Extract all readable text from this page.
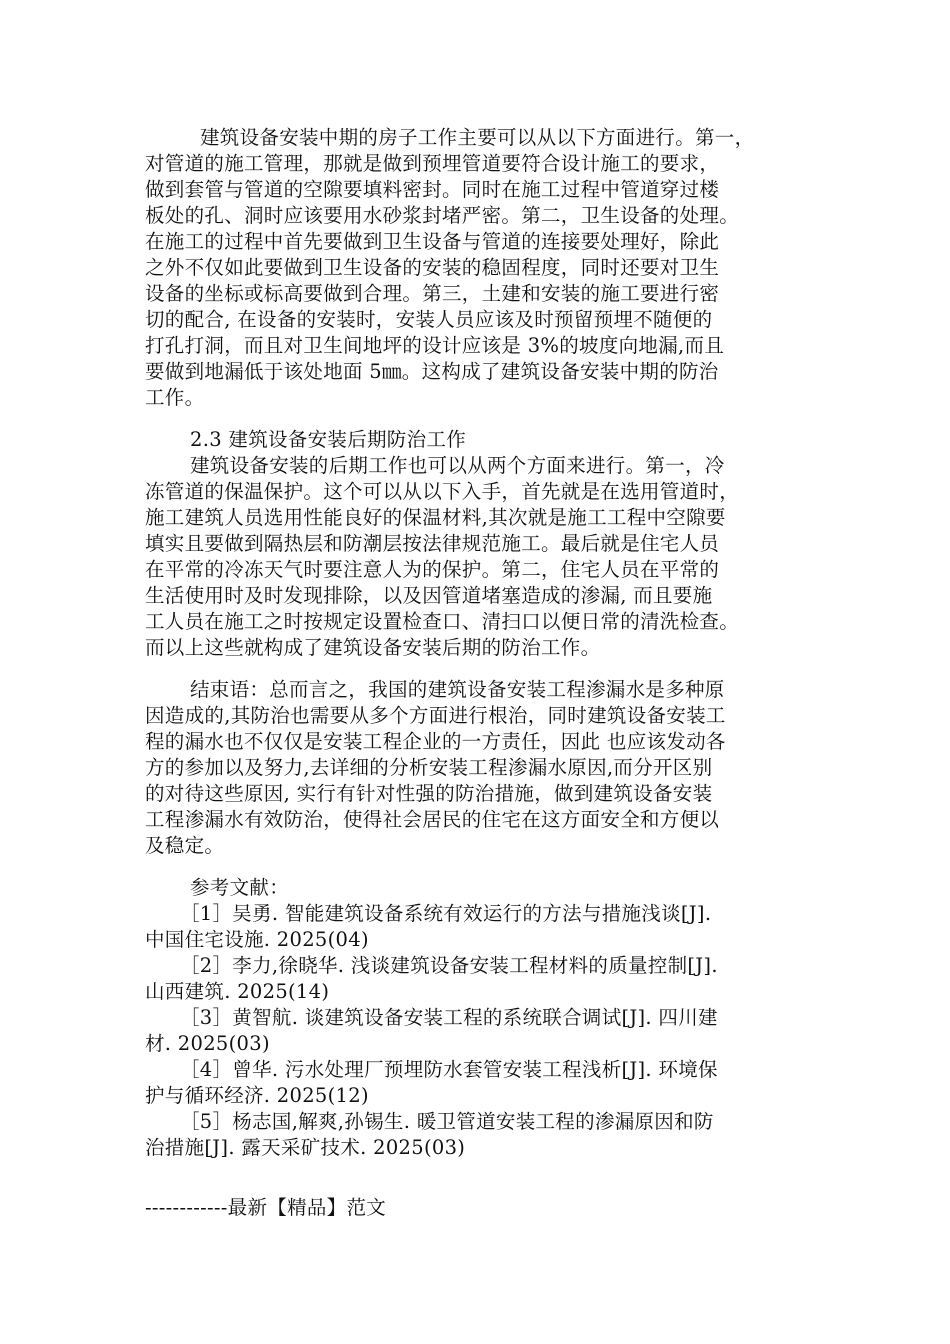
建筑设备安装中期的房子工作主要可以从以下方面进行。第一，
对管道的施工管理，那就是做到预埋管道要符合设计施工的要求，
做到套管与管道的空隙要填料密封。同时在施工过程中管道穿过楼
板处的孔、洞时应该要用水砂浆封堵严密。第二，卫生设备的处理。
在施工的过程中首先要做到卫生设备与管道的连接要处理好，除此
之外不仅如此要做到卫生设备的安装的稳固程度，同时还要对卫生
设备的坐标或标高要做到合理。第三，土建和安装的施工要进行密
切的配合, 在设备的安装时，安装人员应该及时预留预埋不随便的
打孔打洞，而且对卫生间地坪的设计应该是 3%的坡度向地漏,而且
要做到地漏低于该处地面 5㎜。这构成了建筑设备安装中期的防治
工作。
2.3 建筑设备安装后期防治工作
建筑设备安装的后期工作也可以从两个方面来进行。第一，冷
冻管道的保温保护。这个可以从以下入手，首先就是在选用管道时，
施工建筑人员选用性能良好的保温材料,其次就是施工工程中空隙要
填实且要做到隔热层和防潮层按法律规范施工。最后就是住宅人员
在平常的冷冻天气时要注意人为的保护。第二，住宅人员在平常的
生活使用时及时发现排除，以及因管道堵塞造成的渗漏, 而且要施
工人员在施工之时按规定设置检查口、清扫口以便日常的清洗检查。
而以上这些就构成了建筑设备安装后期的防治工作。
结束语：总而言之，我国的建筑设备安装工程渗漏水是多种原
因造成的,其防治也需要从多个方面进行根治，同时建筑设备安装工
程的漏水也不仅仅是安装工程企业的一方责任，因此 也应该发动各
方的参加以及努力,去详细的分析安装工程渗漏水原因,而分开区别
的对待这些原因, 实行有针对性强的防治措施，做到建筑设备安装
工程渗漏水有效防治，使得社会居民的住宅在这方面安全和方便以
及稳定。
参考文献：
［1］吴勇. 智能建筑设备系统有效运行的方法与措施浅谈[J].
中国住宅设施. 2025(04)
［2］李力,徐晓华. 浅谈建筑设备安装工程材料的质量控制[J].
山西建筑. 2025(14)
［3］黄智航. 谈建筑设备安装工程的系统联合调试[J]. 四川建
材. 2025(03)
［4］曾华. 污水处理厂预埋防水套管安装工程浅析[J]. 环境保
护与循环经济. 2025(12)
［5］杨志国,解爽,孙锡生. 暖卫管道安装工程的渗漏原因和防
治措施[J]. 露天采矿技术. 2025(03)
------------最新【精品】范文
